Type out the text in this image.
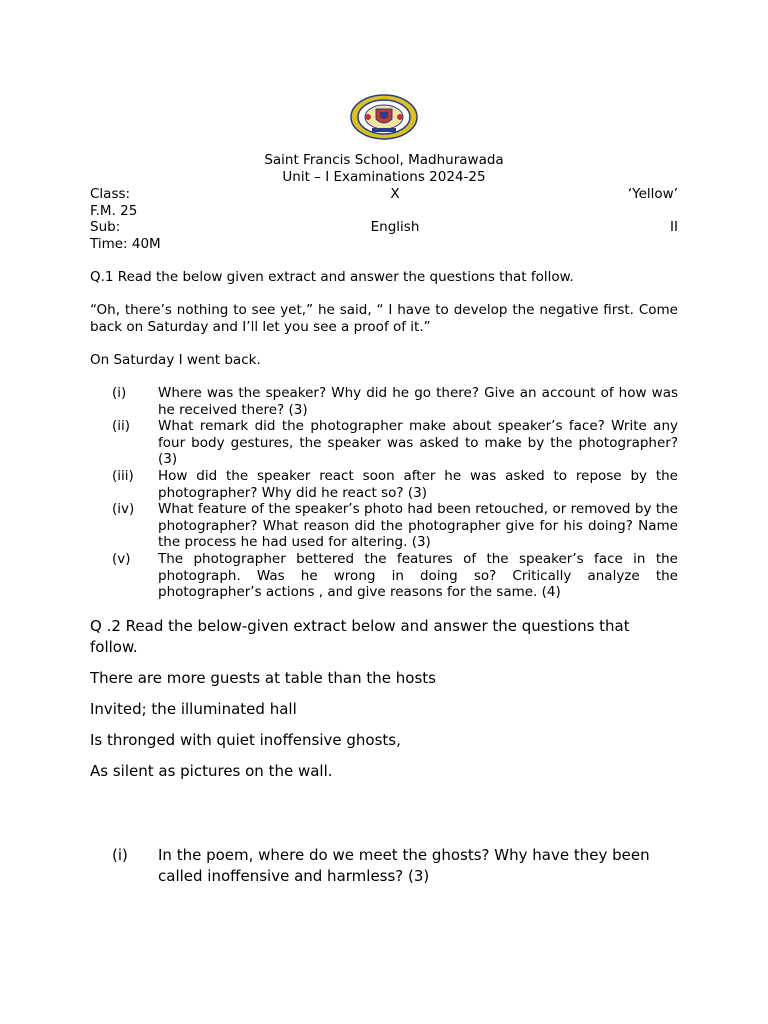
Saint Francis School, Madhurawada
Unit – I Examinations 2024-25
Class:	X	‘Yellow’
F.M. 25
Sub:	English	II
Time: 40M
Q.1 Read the below given extract and answer the questions that follow.
“Oh, there’s nothing to see yet,” he said, “ I have to develop the negative first. Come back on Saturday and I’ll let you see a proof of it.”
On Saturday I went back.
(i) Where was the speaker? Why did he go there? Give an account of how was he received there? (3)
(ii) What remark did the photographer make about speaker’s face? Write any four body gestures, the speaker was asked to make by the photographer? (3)
(iii) How did the speaker react soon after he was asked to repose by the photographer? Why did he react so? (3)
(iv) What feature of the speaker’s photo had been retouched, or removed by the photographer? What reason did the photographer give for his doing? Name the process he had used for altering. (3)
(v) The photographer bettered the features of the speaker’s face in the photograph. Was he wrong in doing so? Critically analyze the photographer’s actions , and give reasons for the same. (4)
Q .2 Read the below-given extract below and answer the questions that follow.
There are more guests at table than the hosts
Invited; the illuminated hall
Is thronged with quiet inoffensive ghosts,
As silent as pictures on the wall.
(i) In the poem, where do we meet the ghosts? Why have they been called inoffensive and harmless? (3)
